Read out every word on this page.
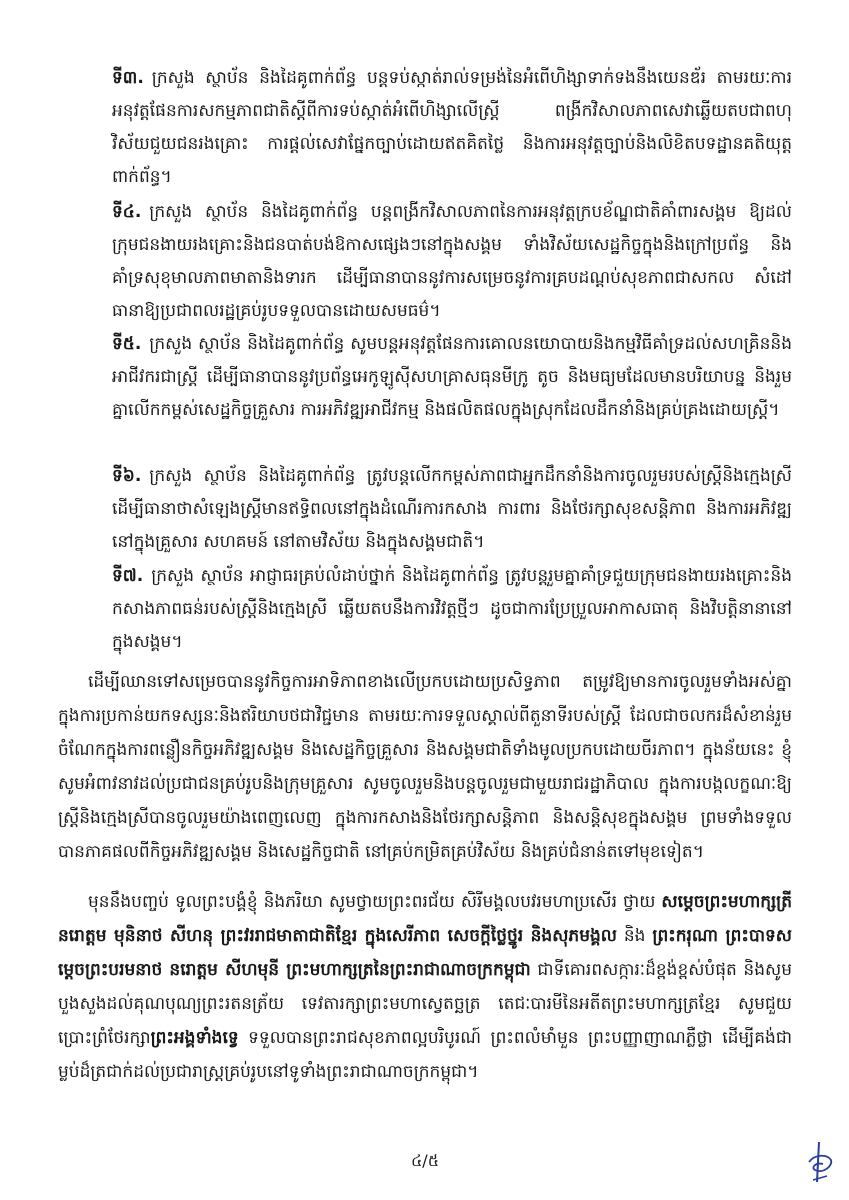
ទី៣. ក្រសួង ស្ថាប័ន និងដៃគូពាក់ព័ន្ធ បន្តទប់ស្កាត់រាល់ទម្រង់នៃអំពើហិង្សាទាក់ទងនឹងយេនឌ័រ តាមរយៈការអនុវត្តផែនការសកម្មភាពជាតិស្តីពីការទប់ស្កាត់អំពើហិង្សាលើស្ត្រី ពង្រីកវិសាលភាពសេវាឆ្លើយតបជាពហុវិស័យជួយជនរងគ្រោះ ការផ្តល់សេវាផ្នែកច្បាប់ដោយឥតគិតថ្លៃ និងការអនុវត្តច្បាប់និងលិខិតបទដ្ឋានគតិយុត្តពាក់ព័ន្ធ។

ទី៤. ក្រសួង ស្ថាប័ន និងដៃគូពាក់ព័ន្ធ បន្តពង្រីកវិសាលភាពនៃការអនុវត្តក្របខ័ណ្ឌជាតិគាំពារសង្គម ឱ្យដល់ក្រុមជនងាយរងគ្រោះនិងជនបាត់បង់ឱកាសផ្សេងៗនៅក្នុងសង្គម ទាំងវិស័យសេដ្ឋកិច្ចក្នុងនិងក្រៅប្រព័ន្ធ និងគាំទ្រសុខុមាលភាពមាតានិងទារក ដើម្បីធានាបាននូវការសម្រេចនូវការគ្របដណ្តប់សុខភាពជាសកល សំដៅធានាឱ្យប្រជាពលរដ្ឋគ្រប់រូបទទួលបានដោយសមធម៌។

ទី៥. ក្រសួង ស្ថាប័ន និងដៃគូពាក់ព័ន្ធ សូមបន្តអនុវត្តផែនការគោលនយោបាយនិងកម្មវិធីគាំទ្រដល់សហគ្រិននិងអាជីវករជាស្ត្រី ដើម្បីធានាបាននូវប្រព័ន្ធអេកូឡូស៊ីសហគ្រាសធុនមីក្រូ តូច និងមធ្យមដែលមានបរិយាបន្ន និងរួមគ្នាលើកកម្ពស់សេដ្ឋកិច្ចគ្រួសារ ការអភិវឌ្ឍអាជីវកម្ម និងផលិតផលក្នុងស្រុកដែលដឹកនាំនិងគ្រប់គ្រងដោយស្ត្រី។

ទី៦. ក្រសួង ស្ថាប័ន និងដៃគូពាក់ព័ន្ធ ត្រូវបន្តលើកកម្ពស់ភាពជាអ្នកដឹកនាំនិងការចូលរួមរបស់ស្ត្រីនិងក្មេងស្រី ដើម្បីធានាថាសំឡេងស្ត្រីមានឥទ្ធិពលនៅក្នុងដំណើរការកសាង ការពារ និងថែរក្សាសុខសន្តិភាព និងការអភិវឌ្ឍ នៅក្នុងគ្រួសារ សហគមន៍ នៅតាមវិស័យ និងក្នុងសង្គមជាតិ។

ទី៧. ក្រសួង ស្ថាប័ន អាជ្ញាធរគ្រប់លំដាប់ថ្នាក់ និងដៃគូពាក់ព័ន្ធ ត្រូវបន្តរួមគ្នាគាំទ្រជួយក្រុមជនងាយរងគ្រោះនិងកសាងភាពធន់របស់ស្ត្រីនិងក្មេងស្រី ឆ្លើយតបនឹងការវិវត្តថ្មីៗ ដូចជាការប្រែប្រួលអាកាសធាតុ និងវិបត្តិនានានៅក្នុងសង្គម។

ដើម្បីឈានទៅសម្រេចបាននូវកិច្ចការអាទិភាពខាងលើប្រកបដោយប្រសិទ្ធភាព តម្រូវឱ្យមានការចូលរួមទាំងអស់គ្នាក្នុងការប្រកាន់យកទស្សនៈនិងឥរិយាបថជាវិជ្ជមាន តាមរយៈការទទួលស្គាល់ពីតួនាទីរបស់ស្ត្រី ដែលជាចលករដ៏សំខាន់រួមចំណែកក្នុងការពន្លឿនកិច្ចអភិវឌ្ឍសង្គម និងសេដ្ឋកិច្ចគ្រួសារ និងសង្គមជាតិទាំងមូលប្រកបដោយចីរភាព។ ក្នុងន័យនេះ ខ្ញុំសូមអំពាវនាវដល់ប្រជាជនគ្រប់រូបនិងក្រុមគ្រួសារ សូមចូលរួមនិងបន្តចូលរួមជាមួយរាជរដ្ឋាភិបាល ក្នុងការបង្កលក្ខណៈឱ្យស្ត្រីនិងក្មេងស្រីបានចូលរួមយ៉ាងពេញលេញ ក្នុងការកសាងនិងថែរក្សាសន្តិភាព និងសន្តិសុខក្នុងសង្គម ព្រមទាំងទទួលបានភាគផលពីកិច្ចអភិវឌ្ឍសង្គម និងសេដ្ឋកិច្ចជាតិ នៅគ្រប់កម្រិតគ្រប់វិស័យ និងគ្រប់ជំនាន់តទៅមុខទៀត។

មុននឹងបញ្ចប់ ទូលព្រះបង្គំខ្ញុំ និងភរិយា សូមថ្វាយព្រះពរជ័យ សិរីមង្គលបវរមហាប្រសើរ ថ្វាយ សម្តេចព្រះមហាក្សត្រី នរោត្តម មុនិនាថ សីហនុ ព្រះវររាជមាតាជាតិខ្មែរ ក្នុងសេរីភាព សេចក្តីថ្លៃថ្នូរ និងសុភមង្គល និង ព្រះករុណា ព្រះបាទសម្តេចព្រះបរមនាថ នរោត្តម សីហមុនី ព្រះមហាក្សត្រនៃព្រះរាជាណាចក្រកម្ពុជា ជាទីគោរពសក្ការៈដ៏ខ្ពង់ខ្ពស់បំផុត និងសូមបួងសួងដល់គុណបុណ្យព្រះរតនត្រ័យ ទេវតារក្សាព្រះមហាស្វេតច្ឆត្រ តេជៈបារមីនៃអតីតព្រះមហាក្សត្រខ្មែរ សូមជួយប្រោះព្រំថែរក្សាព្រះអង្គទាំងទ្វេ ទទួលបានព្រះរាជសុខភាពល្អបរិបូរណ៍ ព្រះពលំមាំមួន ព្រះបញ្ញាញាណភ្លឺថ្លា ដើម្បីគង់ជាម្លប់ដ៏ត្រជាក់ដល់ប្រជារាស្ត្រគ្រប់រូបនៅទូទាំងព្រះរាជាណាចក្រកម្ពុជា។

៤/៥
